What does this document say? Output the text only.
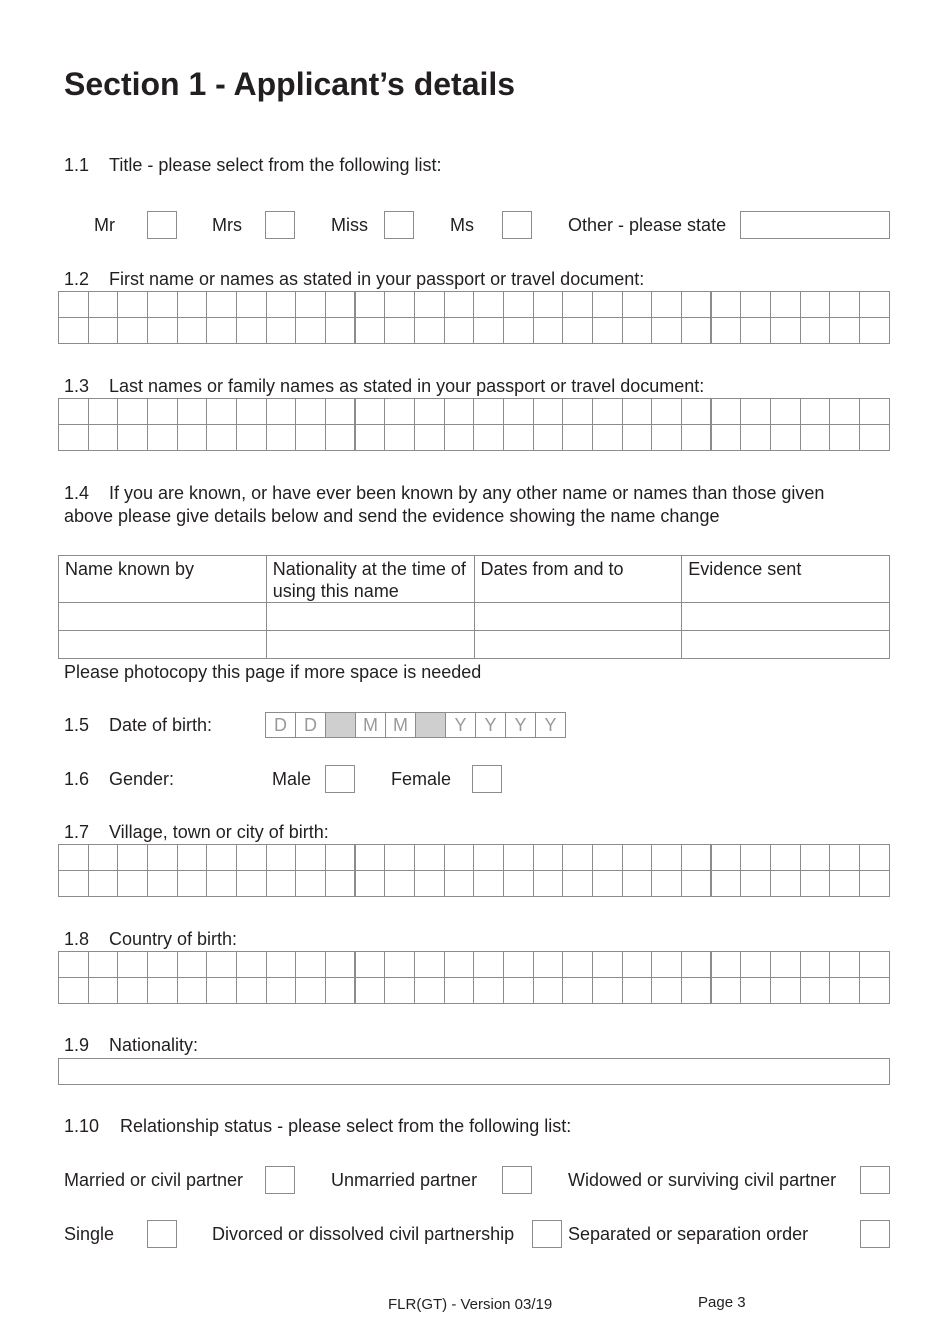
Section 1 - Applicant’s details
1.1 Title - please select from the following list:
Mr	Mrs	Miss	Ms	Other - please state
1.2 First name or names as stated in your passport or travel document:

1.3 Last names or family names as stated in your passport or travel document:

1.4 If you are known, or have ever been known by any other name or names than those given
above please give details below and send the evidence showing the name change
Name known by	Nationality at the time of using this name	Dates from and to	Evidence sent

Please photocopy this page if more space is needed
1.5 Date of birth:	D	D		M	M		Y	Y	Y	Y
1.6 Gender:	Male	Female
1.7 Village, town or city of birth:

1.8 Country of birth:

1.9 Nationality:
1.10 Relationship status - please select from the following list:
Married or civil partner	Unmarried partner	Widowed or surviving civil partner
Single	Divorced or dissolved civil partnership	Separated or separation order
FLR(GT) - Version 03/19	Page 3
